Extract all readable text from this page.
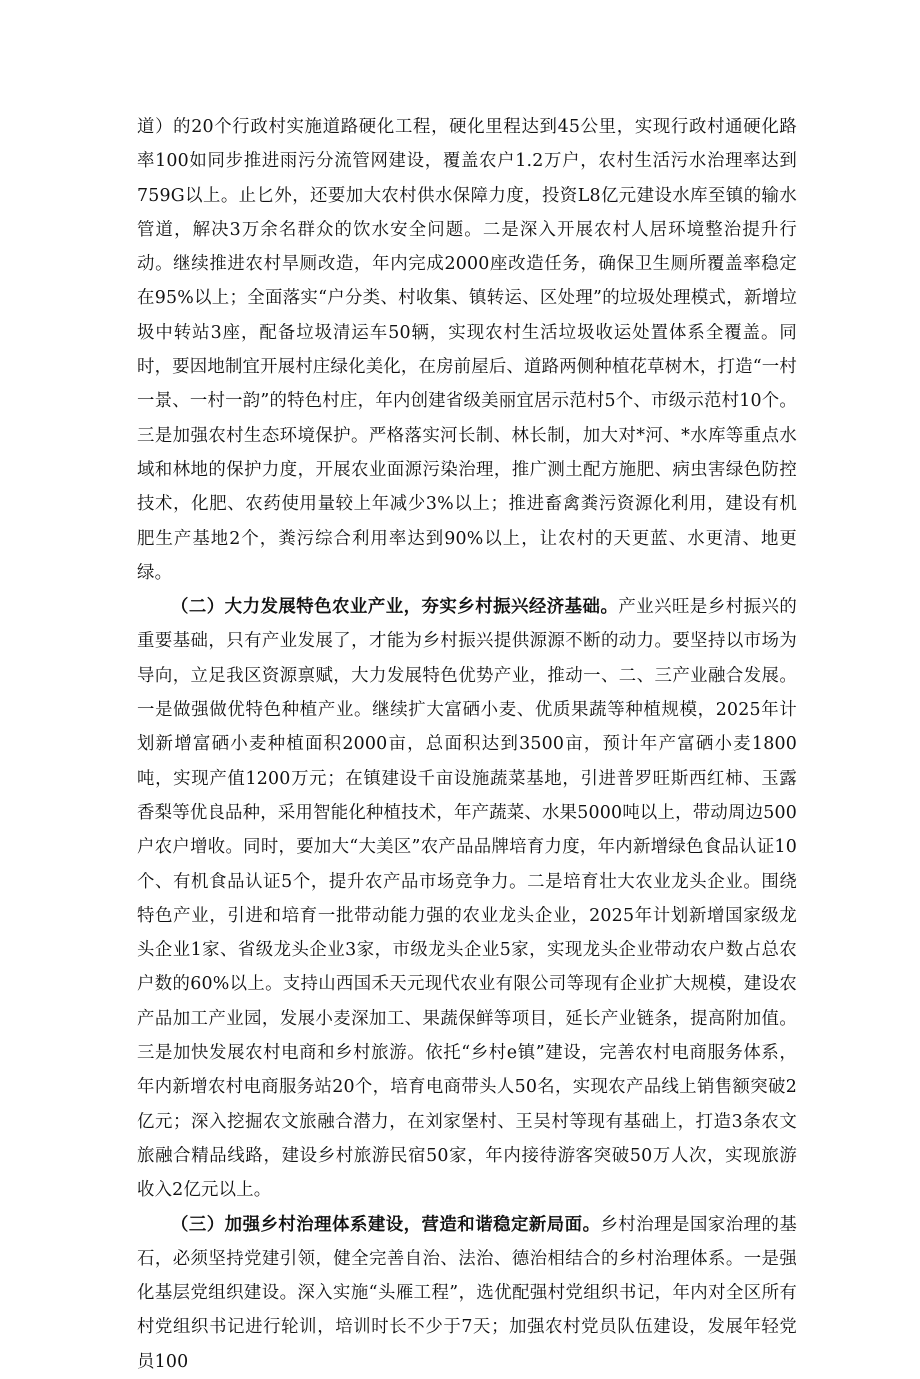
道）的20个行政村实施道路硬化工程，硬化里程达到45公里，实现行政村通硬化路率100如同步推进雨污分流管网建设，覆盖农户1.2万户，农村生活污水治理率达到759G以上。止匕外，还要加大农村供水保障力度，投资L8亿元建设水库至镇的输水管道，解决3万余名群众的饮水安全问题。二是深入开展农村人居环境整治提升行动。继续推进农村旱厕改造，年内完成2000座改造任务，确保卫生厕所覆盖率稳定在95%以上；全面落实“户分类、村收集、镇转运、区处理”的垃圾处理模式，新增垃圾中转站3座，配备垃圾清运车50辆，实现农村生活垃圾收运处置体系全覆盖。同时，要因地制宜开展村庄绿化美化，在房前屋后、道路两侧种植花草树木，打造“一村一景、一村一韵”的特色村庄，年内创建省级美丽宜居示范村5个、市级示范村10个。三是加强农村生态环境保护。严格落实河长制、林长制，加大对*河、*水库等重点水域和林地的保护力度，开展农业面源污染治理，推广测土配方施肥、病虫害绿色防控技术，化肥、农药使用量较上年减少3%以上；推进畜禽粪污资源化利用，建设有机肥生产基地2个，粪污综合利用率达到90%以上，让农村的天更蓝、水更清、地更绿。

（二）大力发展特色农业产业，夯实乡村振兴经济基础。产业兴旺是乡村振兴的重要基础，只有产业发展了，才能为乡村振兴提供源源不断的动力。要坚持以市场为导向，立足我区资源禀赋，大力发展特色优势产业，推动一、二、三产业融合发展。一是做强做优特色种植产业。继续扩大富硒小麦、优质果蔬等种植规模，2025年计划新增富硒小麦种植面积2000亩，总面积达到3500亩，预计年产富硒小麦1800吨，实现产值1200万元；在镇建设千亩设施蔬菜基地，引进普罗旺斯西红柿、玉露香梨等优良品种，采用智能化种植技术，年产蔬菜、水果5000吨以上，带动周边500户农户增收。同时，要加大“大美区”农产品品牌培育力度，年内新增绿色食品认证10个、有机食品认证5个，提升农产品市场竞争力。二是培育壮大农业龙头企业。围绕特色产业，引进和培育一批带动能力强的农业龙头企业，2025年计划新增国家级龙头企业1家、省级龙头企业3家，市级龙头企业5家，实现龙头企业带动农户数占总农户数的60%以上。支持山西国禾天元现代农业有限公司等现有企业扩大规模，建设农产品加工产业园，发展小麦深加工、果蔬保鲜等项目，延长产业链条，提高附加值。三是加快发展农村电商和乡村旅游。依托“乡村e镇”建设，完善农村电商服务体系，年内新增农村电商服务站20个，培育电商带头人50名，实现农产品线上销售额突破2亿元；深入挖掘农文旅融合潜力，在刘家堡村、王吴村等现有基础上，打造3条农文旅融合精品线路，建设乡村旅游民宿50家，年内接待游客突破50万人次，实现旅游收入2亿元以上。

（三）加强乡村治理体系建设，营造和谐稳定新局面。乡村治理是国家治理的基石，必须坚持党建引领，健全完善自治、法治、德治相结合的乡村治理体系。一是强化基层党组织建设。深入实施“头雁工程”，选优配强村党组织书记，年内对全区所有村党组织书记进行轮训，培训时长不少于7天；加强农村党员队伍建设，发展年轻党员100
